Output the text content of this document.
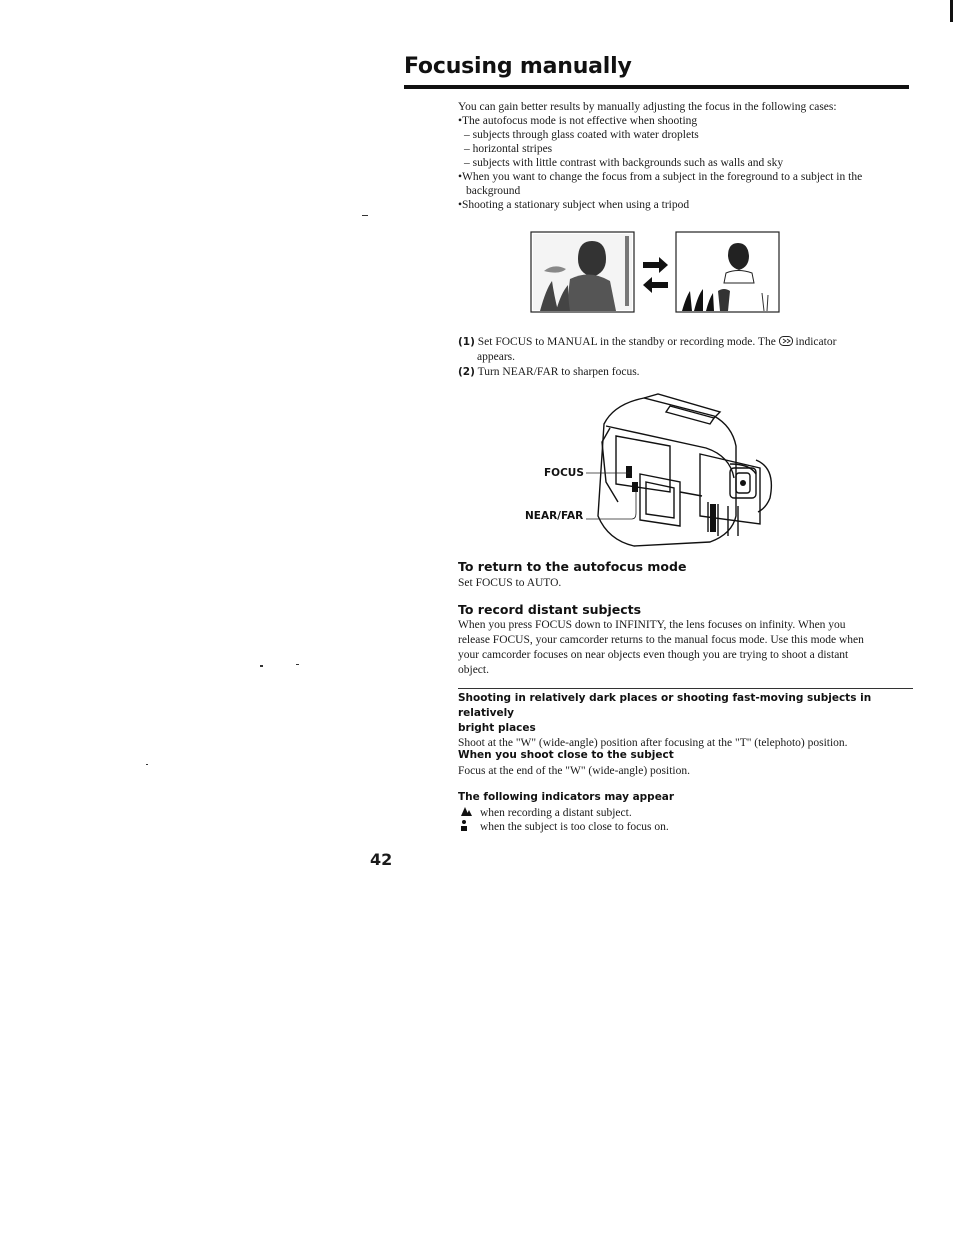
Focusing manually

You can gain better results by manually adjusting the focus in the following cases:

•The autofocus mode is not effective when shooting

– subjects through glass coated with water droplets

– horizontal stripes

– subjects with little contrast with backgrounds such as walls and sky

•When you want to change the focus from a subject in the foreground to a subject in the

background

•Shooting a stationary subject when using a tripod

(1) Set FOCUS to MANUAL in the standby or recording mode. The indicator

appears.

(2) Turn NEAR/FAR to sharpen focus.

FOCUS
NEAR/FAR
To return to the autofocus mode

Set FOCUS to AUTO.

To record distant subjects

When you press FOCUS down to INFINITY, the lens focuses on infinity. When you

release FOCUS, your camcorder returns to the manual focus mode. Use this mode when

your camcorder focuses on near objects even though you are trying to shoot a distant

object.

Shooting in relatively dark places or shooting fast-moving subjects in relatively

bright places

Shoot at the "W" (wide-angle) position after focusing at the "T" (telephoto) position.

When you shoot close to the subject

Focus at the end of the "W" (wide-angle) position.

The following indicators may appear
when recording a distant subject.
when the subject is too close to focus on.
42
